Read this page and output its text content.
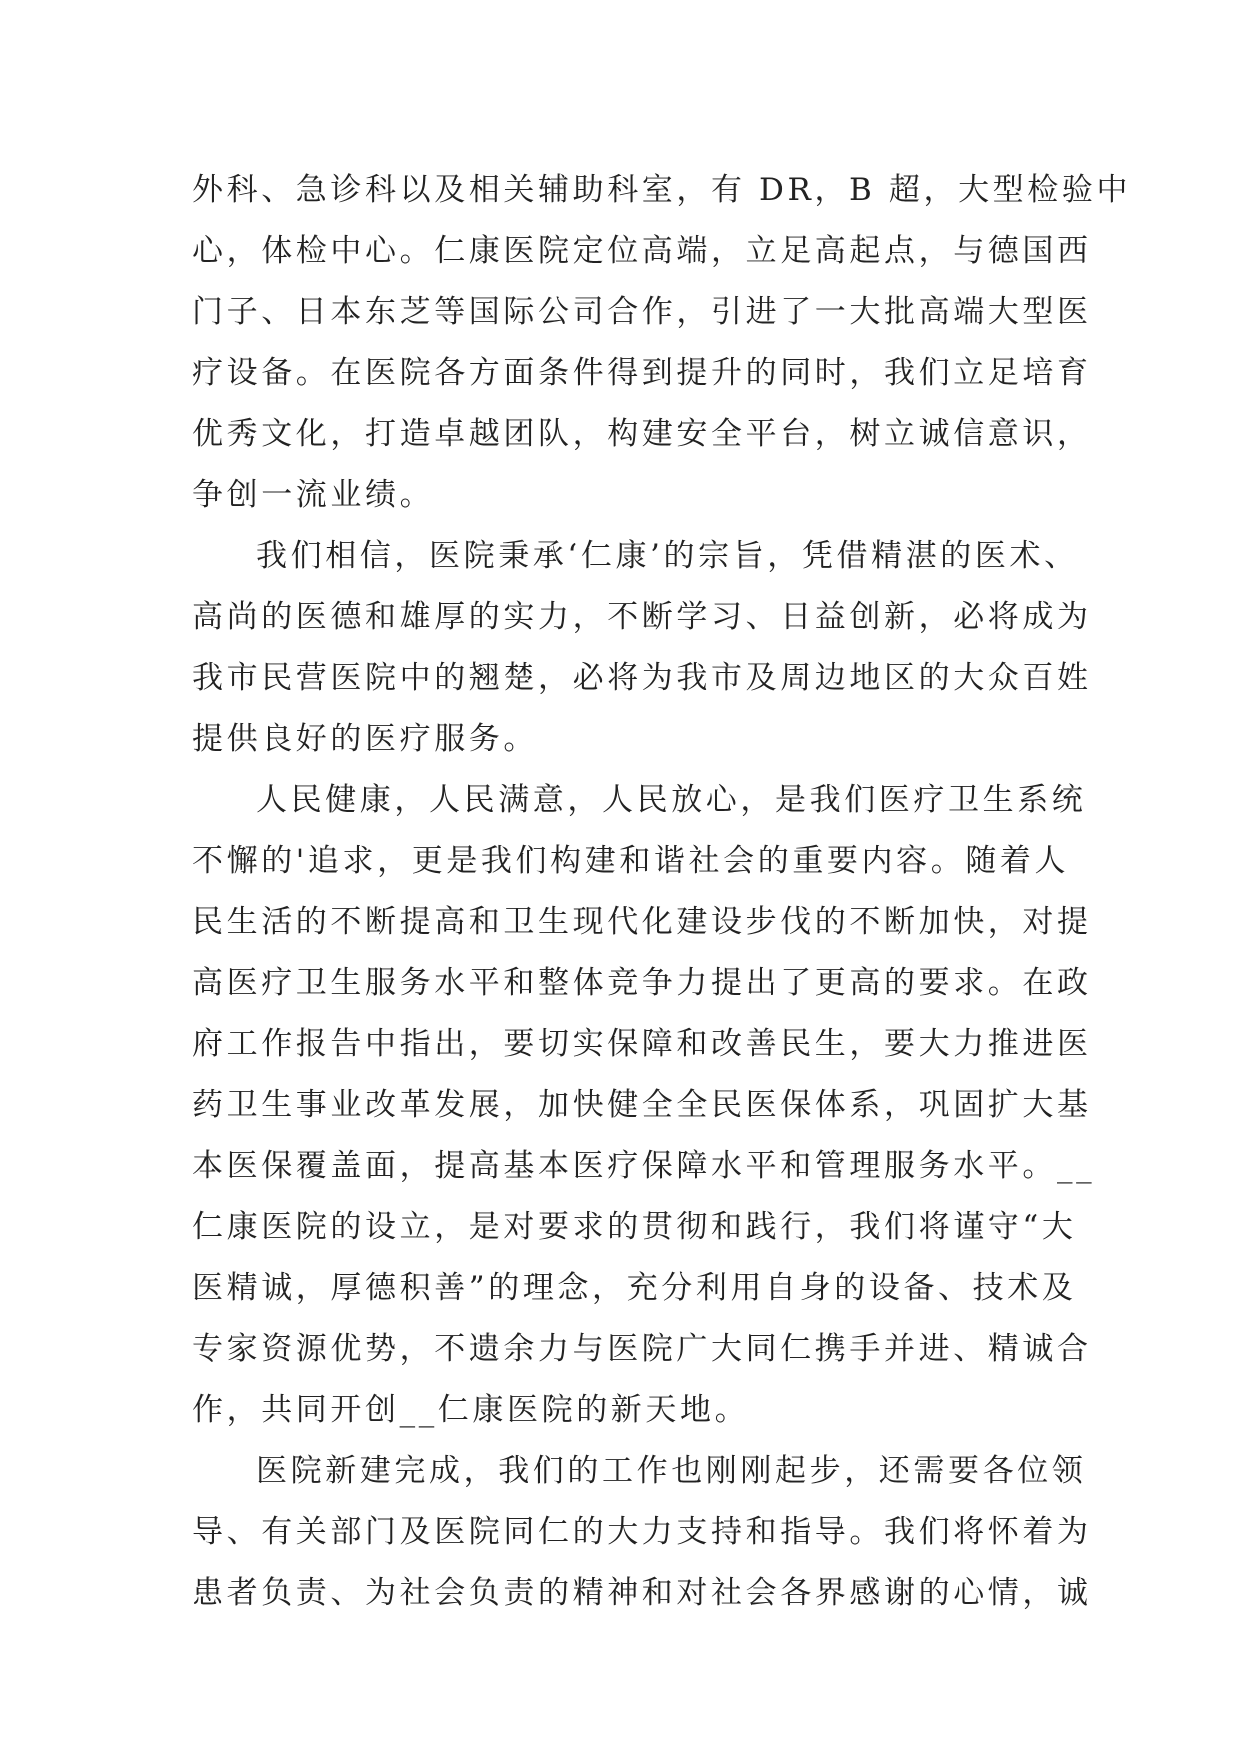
外科、急诊科以及相关辅助科室，有 DR，B 超，大型检验中
心，体检中心。仁康医院定位高端，立足高起点，与德国西
门子、日本东芝等国际公司合作，引进了一大批高端大型医
疗设备。在医院各方面条件得到提升的同时，我们立足培育
优秀文化，打造卓越团队，构建安全平台，树立诚信意识，
争创一流业绩。
我们相信，医院秉承‘仁康’的宗旨，凭借精湛的医术、
高尚的医德和雄厚的实力，不断学习、日益创新，必将成为
我市民营医院中的翘楚，必将为我市及周边地区的大众百姓
提供良好的医疗服务。
人民健康，人民满意，人民放心，是我们医疗卫生系统
不懈的'追求，更是我们构建和谐社会的重要内容。随着人
民生活的不断提高和卫生现代化建设步伐的不断加快，对提
高医疗卫生服务水平和整体竞争力提出了更高的要求。在政
府工作报告中指出，要切实保障和改善民生，要大力推进医
药卫生事业改革发展，加快健全全民医保体系，巩固扩大基
本医保覆盖面，提高基本医疗保障水平和管理服务水平。__
仁康医院的设立，是对要求的贯彻和践行，我们将谨守“大
医精诚，厚德积善”的理念，充分利用自身的设备、技术及
专家资源优势，不遗余力与医院广大同仁携手并进、精诚合
作，共同开创__仁康医院的新天地。
医院新建完成，我们的工作也刚刚起步，还需要各位领
导、有关部门及医院同仁的大力支持和指导。我们将怀着为
患者负责、为社会负责的精神和对社会各界感谢的心情，诚
